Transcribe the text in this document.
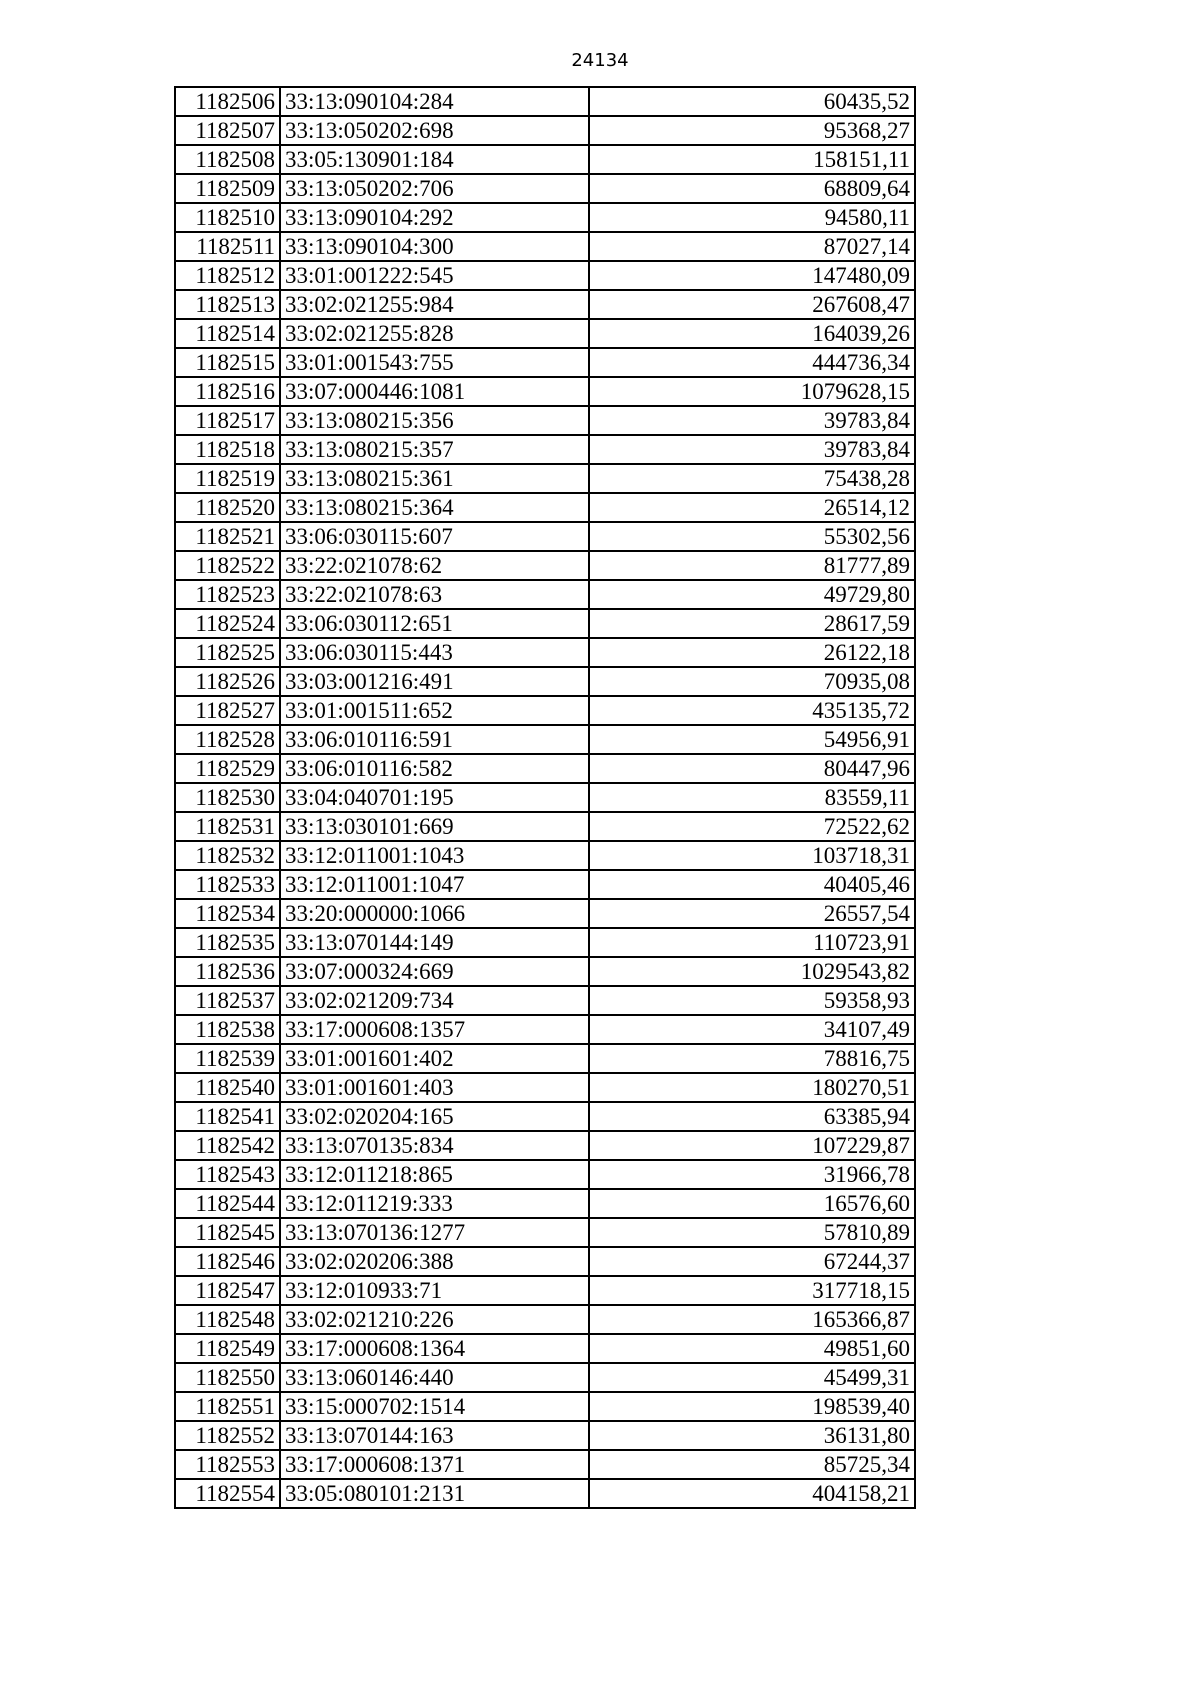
24134
1182506	33:13:090104:284	60435,52
1182507	33:13:050202:698	95368,27
1182508	33:05:130901:184	158151,11
1182509	33:13:050202:706	68809,64
1182510	33:13:090104:292	94580,11
1182511	33:13:090104:300	87027,14
1182512	33:01:001222:545	147480,09
1182513	33:02:021255:984	267608,47
1182514	33:02:021255:828	164039,26
1182515	33:01:001543:755	444736,34
1182516	33:07:000446:1081	1079628,15
1182517	33:13:080215:356	39783,84
1182518	33:13:080215:357	39783,84
1182519	33:13:080215:361	75438,28
1182520	33:13:080215:364	26514,12
1182521	33:06:030115:607	55302,56
1182522	33:22:021078:62	81777,89
1182523	33:22:021078:63	49729,80
1182524	33:06:030112:651	28617,59
1182525	33:06:030115:443	26122,18
1182526	33:03:001216:491	70935,08
1182527	33:01:001511:652	435135,72
1182528	33:06:010116:591	54956,91
1182529	33:06:010116:582	80447,96
1182530	33:04:040701:195	83559,11
1182531	33:13:030101:669	72522,62
1182532	33:12:011001:1043	103718,31
1182533	33:12:011001:1047	40405,46
1182534	33:20:000000:1066	26557,54
1182535	33:13:070144:149	110723,91
1182536	33:07:000324:669	1029543,82
1182537	33:02:021209:734	59358,93
1182538	33:17:000608:1357	34107,49
1182539	33:01:001601:402	78816,75
1182540	33:01:001601:403	180270,51
1182541	33:02:020204:165	63385,94
1182542	33:13:070135:834	107229,87
1182543	33:12:011218:865	31966,78
1182544	33:12:011219:333	16576,60
1182545	33:13:070136:1277	57810,89
1182546	33:02:020206:388	67244,37
1182547	33:12:010933:71	317718,15
1182548	33:02:021210:226	165366,87
1182549	33:17:000608:1364	49851,60
1182550	33:13:060146:440	45499,31
1182551	33:15:000702:1514	198539,40
1182552	33:13:070144:163	36131,80
1182553	33:17:000608:1371	85725,34
1182554	33:05:080101:2131	404158,21
